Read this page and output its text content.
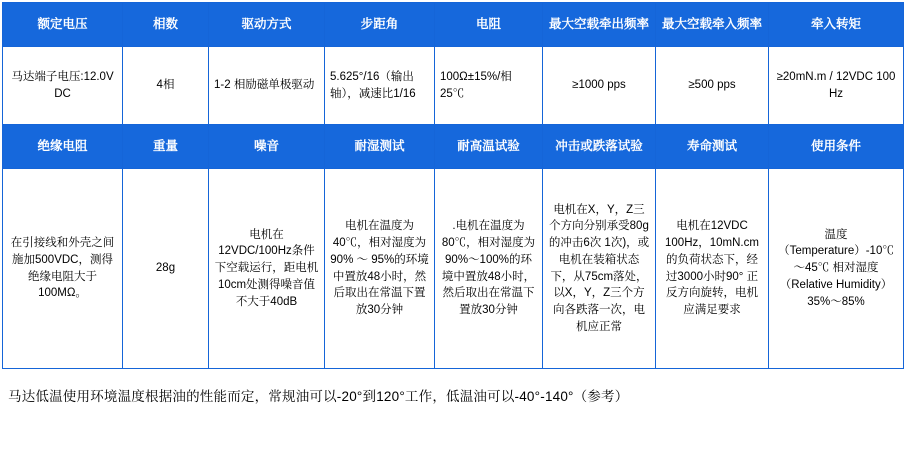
额定电压	相数	驱动方式	步距角	电阻	最大空载牵出频率	最大空载牵入频率	牵入转矩
马达端子电压:12.0V DC	4相	1-2 相励磁单极驱动	5.625°/16（输出轴），减速比1/16	100Ω±15%/相 25℃	≥1000 pps	≥500 pps	≥20mN.m / 12VDC 100 Hz
绝缘电阻	重量	噪音	耐湿测试	耐高温试验	冲击或跌落试验	寿命测试	使用条件
在引接线和外壳之间施加500VDC，测得绝缘电阻大于100MΩ。	28g	电机在12VDC/100Hz条件下空载运行，距电机10cm处测得噪音值不大于40dB	电机在温度为40℃，相对湿度为90% ～ 95%的环境中置放48小时，然后取出在常温下置放30分钟	.电机在温度为80℃，相对湿度为90%～100%的环境中置放48小时，然后取出在常温下置放30分钟	电机在X，Y，Z三个方向分别承受80g的冲击6次 1次)，或电机在装箱状态下，从75cm落处，以X，Y，Z三个方向各跌落一次，电机应正常	电机在12VDC 100Hz，10mN.cm 的负荷状态下，经过3000小时90° 正反方向旋转，电机应满足要求	温度（Temperature）-10℃～45℃ 相对湿度（Relative Humidity）35%～85%
马达低温使用环境温度根据油的性能而定，常规油可以-20°到120°工作，低温油可以-40°-140°（参考）
